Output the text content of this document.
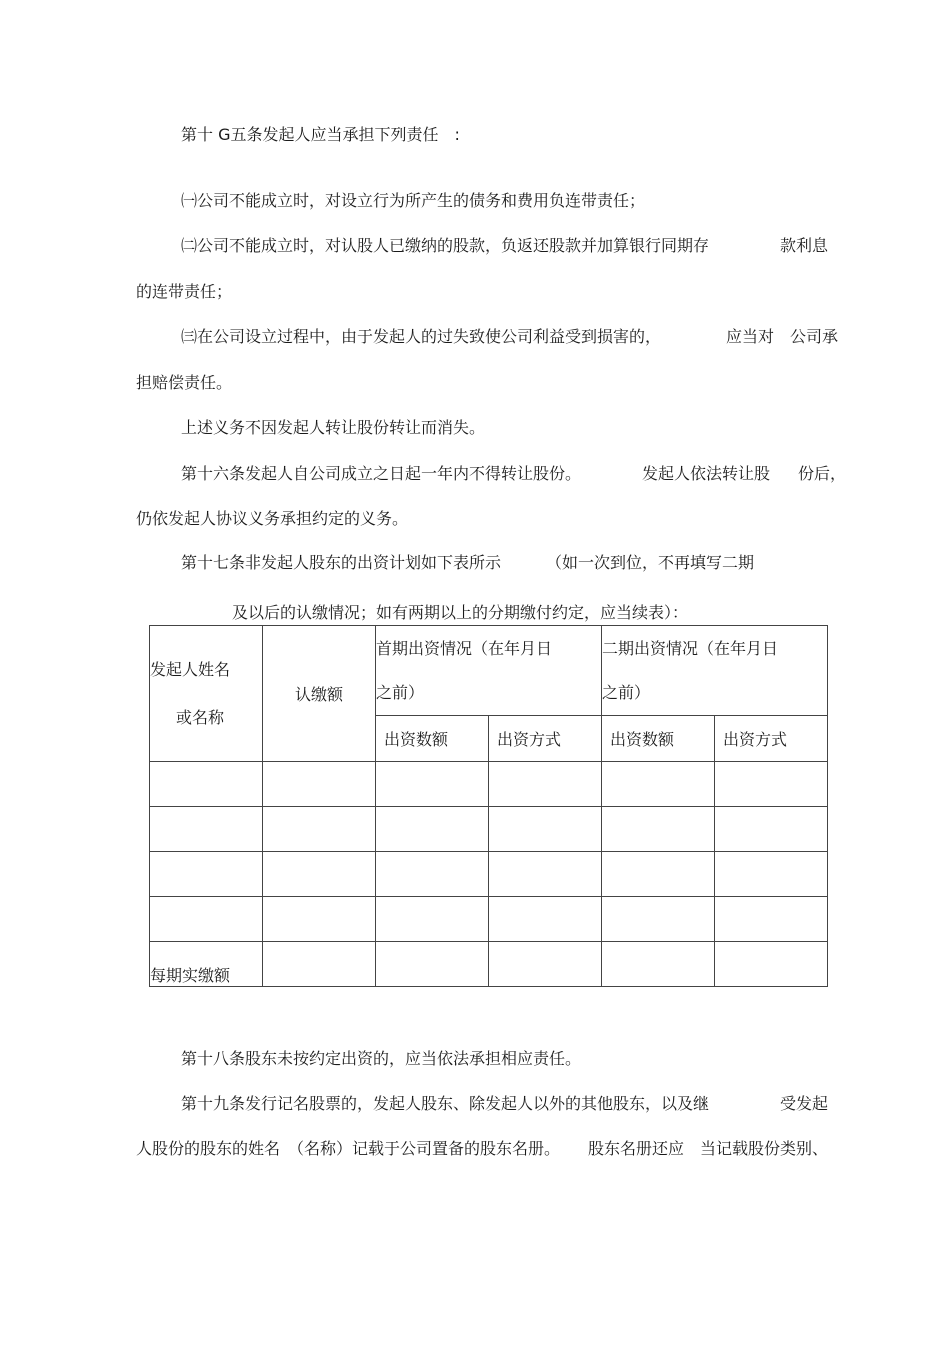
第十 G五条发起人应当承担下列责任　:
㈠公司不能成立时，对设立行为所产生的债务和费用负连带责任；
㈡公司不能成立时，对认股人已缴纳的股款，负返还股款并加算银行同期存	款利息
的连带责任；
㈢在公司设立过程中，由于发起人的过失致使公司利益受到损害的，	应当对　公司承
担赔偿责任。
上述义务不因发起人转让股份转让而消失。
第十六条发起人自公司成立之日起一年内不得转让股份。	发起人依法转让股 份后，
仍依发起人协议义务承担约定的义务。
第十七条非发起人股东的出资计划如下表所示	（如一次到位，不再填写二期
及以后的认缴情况；如有两期以上的分期缴付约定，应当续表）：
发起人姓名
或名称	认缴额	首期出资情况（在年月日
之前）		二期出资情况（在年月日
之前）	

		出资数额	出资方式	出资数额	出资方式

每期实缴额					
第十八条股东未按约定出资的，应当依法承担相应责任。
第十九条发行记名股票的，发起人股东、除发起人以外的其他股东，以及继	受发起
人股份的股东的姓名　（名称）记载于公司置备的股东名册。 股东名册还应　当记载股份类别、
